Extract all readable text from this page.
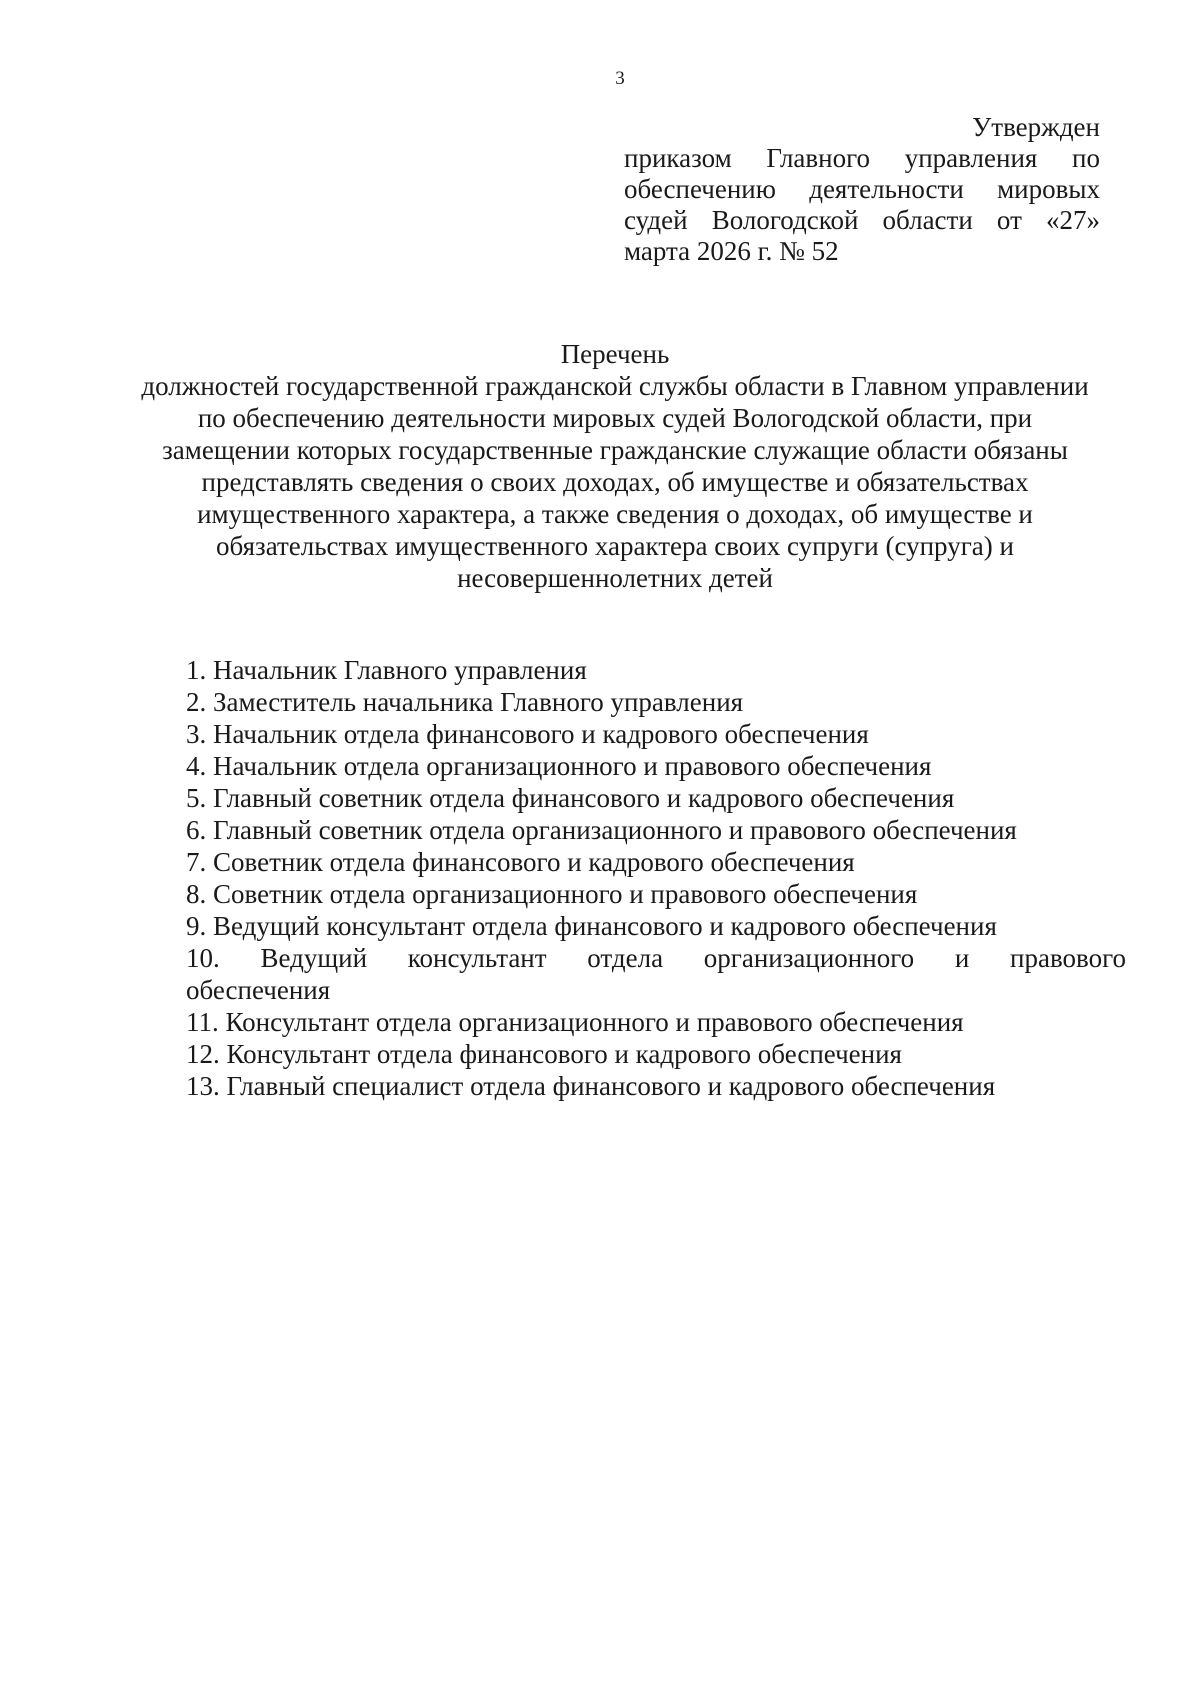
3
Утвержден
приказом Главного управления по
обеспечению деятельности мировых
судей Вологодской области от «27»
марта 2026 г. № 52
Перечень
должностей государственной гражданской службы области в Главном управлении
по обеспечению деятельности мировых судей Вологодской области, при
замещении которых государственные гражданские служащие области обязаны
представлять сведения о своих доходах, об имуществе и обязательствах
имущественного характера, а также сведения о доходах, об имуществе и
обязательствах имущественного характера своих супруги (супруга) и
несовершеннолетних детей
1. Начальник Главного управления
2. Заместитель начальника Главного управления
3. Начальник отдела финансового и кадрового обеспечения
4. Начальник отдела организационного и правового обеспечения
5. Главный советник отдела финансового и кадрового обеспечения
6. Главный советник отдела организационного и правового обеспечения
7. Советник отдела финансового и кадрового обеспечения
8. Советник отдела организационного и правового обеспечения
9. Ведущий консультант отдела финансового и кадрового обеспечения
10. Ведущий консультант отдела организационного и правового
обеспечения
11. Консультант отдела организационного и правового обеспечения
12. Консультант отдела финансового и кадрового обеспечения
13. Главный специалист отдела финансового и кадрового обеспечения
